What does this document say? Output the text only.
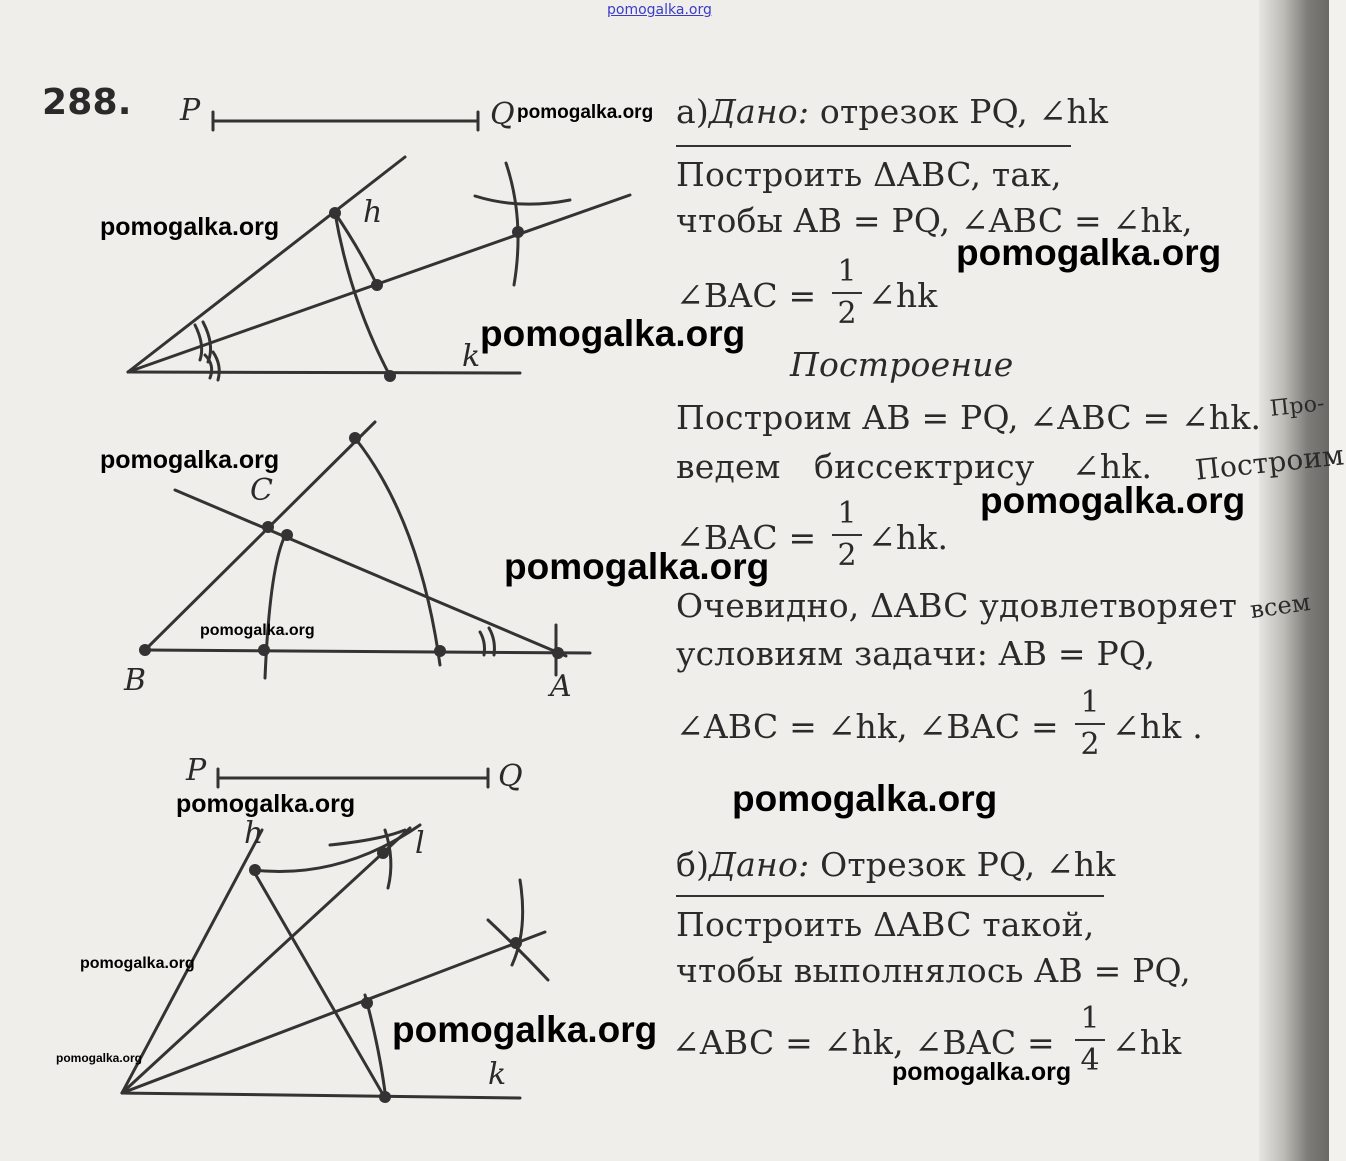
P	Q
h
k
C
B	A
P	Q
h	l
k
pomogalka.org
288.	а)Дано: отрезок PQ, ∠hk
Построить ΔABC, так,
чтобы AB = PQ, ∠ABC = ∠hk,
∠BAC =
1
2 ∠hk
Построение
Построим AB = PQ, ∠ABC = ∠hk. Про-
ведем биссектрису ∠hk. Построим
∠BAC =
1
2 ∠hk.
Очевидно, ΔABC удовлетворяет всем
условиям задачи: AB = PQ,
∠ABC = ∠hk, ∠BAC =
1
2 ∠hk .
б)Дано: Отрезок PQ, ∠hk
Построить ΔABC такой,
чтобы выполнялось AB = PQ,
∠ABC = ∠hk, ∠BAC =
1
4 ∠hk
pomogalka.org
pomogalka.org
pomogalka.org
pomogalka.org
pomogalka.org
pomogalka.org
pomogalka.org
pomogalka.org
pomogalka.org
pomogalka.org
pomogalka.org
pomogalka.org
pomogalka.org	pomogalka.org
